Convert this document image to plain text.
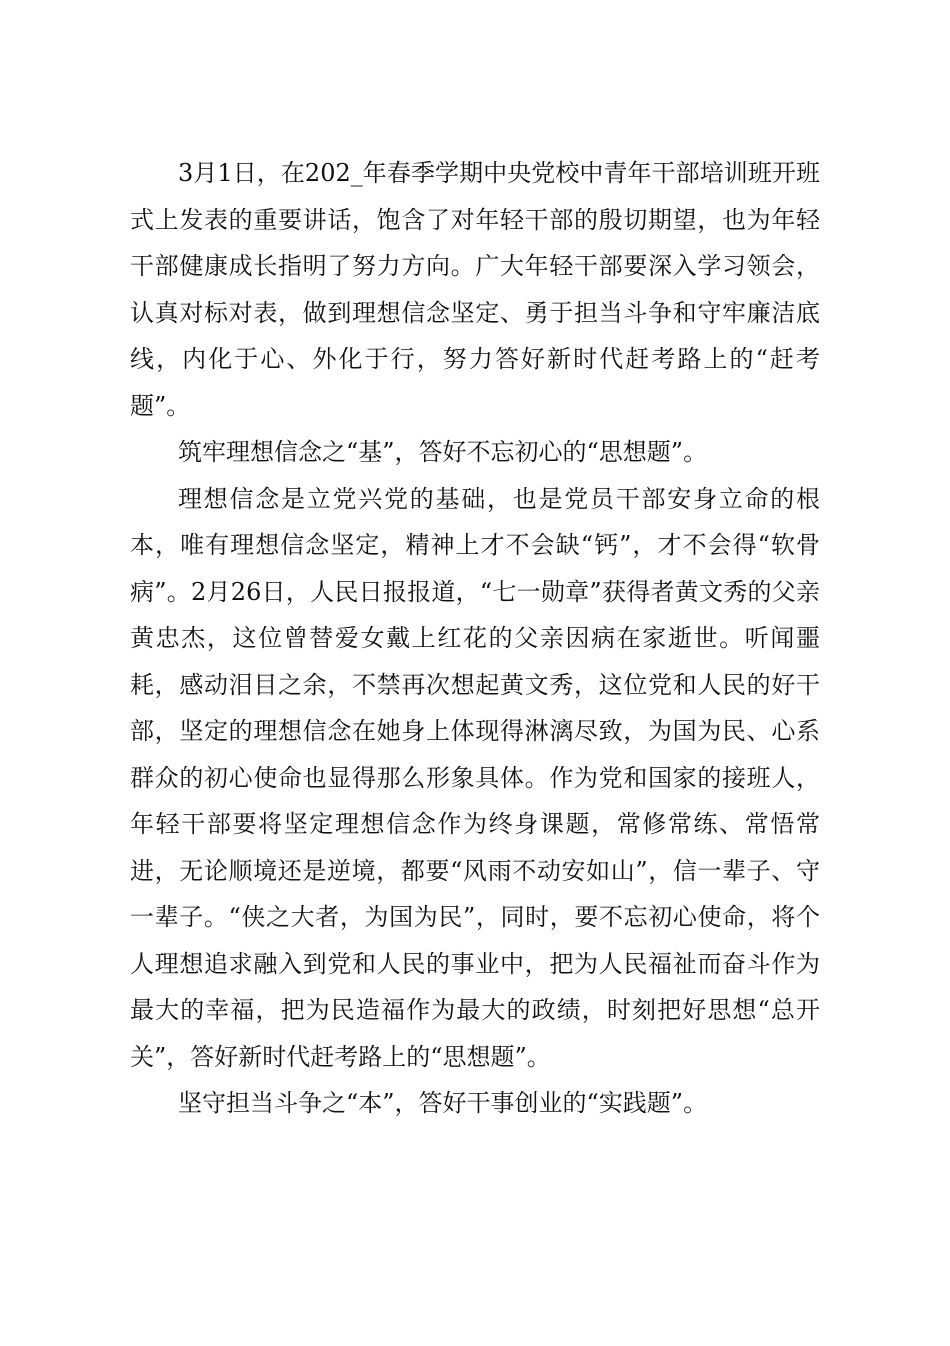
3月1日，在202_年春季学期中央党校中青年干部培训班开班式上发表的重要讲话，饱含了对年轻干部的殷切期望，也为年轻干部健康成长指明了努力方向。广大年轻干部要深入学习领会，认真对标对表，做到理想信念坚定、勇于担当斗争和守牢廉洁底线，内化于心、外化于行，努力答好新时代赶考路上的“赶考题”。

筑牢理想信念之“基”，答好不忘初心的“思想题”。

理想信念是立党兴党的基础，也是党员干部安身立命的根本，唯有理想信念坚定，精神上才不会缺“钙”，才不会得“软骨病”。2月26日，人民日报报道，“七一勋章”获得者黄文秀的父亲黄忠杰，这位曾替爱女戴上红花的父亲因病在家逝世。听闻噩耗，感动泪目之余，不禁再次想起黄文秀，这位党和人民的好干部，坚定的理想信念在她身上体现得淋漓尽致，为国为民、心系群众的初心使命也显得那么形象具体。作为党和国家的接班人，年轻干部要将坚定理想信念作为终身课题，常修常练、常悟常进，无论顺境还是逆境，都要“风雨不动安如山”，信一辈子、守一辈子。“侠之大者，为国为民”，同时，要不忘初心使命，将个人理想追求融入到党和人民的事业中，把为人民福祉而奋斗作为最大的幸福，把为民造福作为最大的政绩，时刻把好思想“总开关”，答好新时代赶考路上的“思想题”。

坚守担当斗争之“本”，答好干事创业的“实践题”。
